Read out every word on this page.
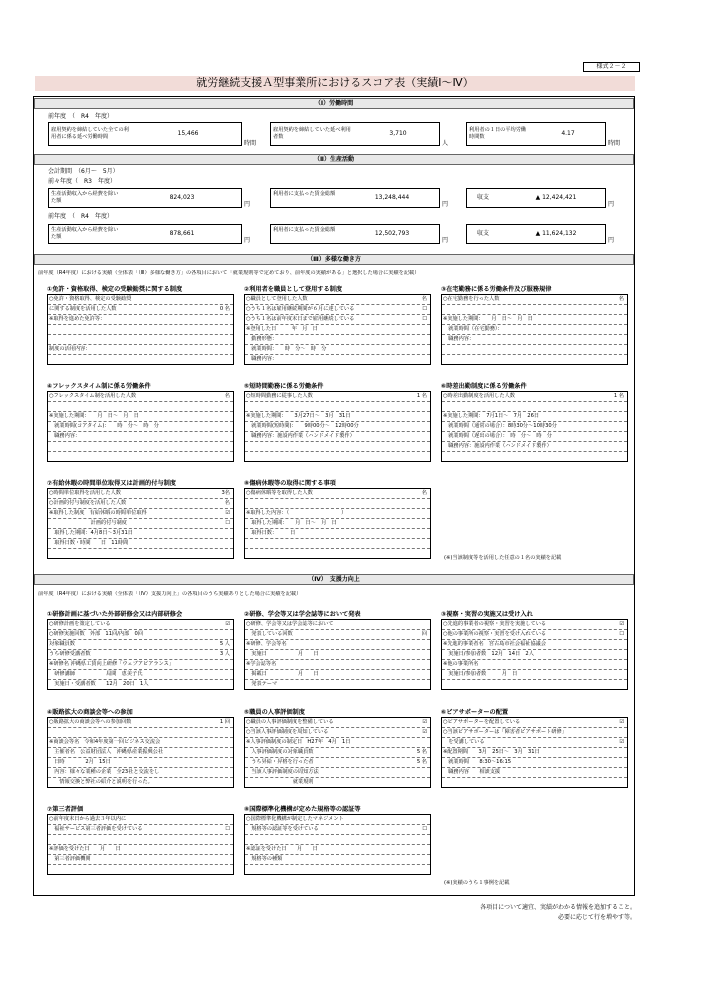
様式２－２
就労継続支援Ａ型事業所におけるスコア表（実績Ⅰ～Ⅳ）
（Ⅰ）労働時間
前年度　（　R4　年度）
雇用契約を締結していた全ての利用者に係る延べ労働時間	15,466
時間
雇用契約を締結していた延べ利用者数	3,710
人
利用者の１日の平均労働時間数	4.17
時間
（Ⅱ）生産活動
会計期間　（6月～　5月）
前々年度（　R3　年度）
生産活動収入から経費を除いた額	824,023
円
利用者に支払った賃金総額	13,248,444
円
収支	▲ 12,424,421
円
前年度　（　R4　年度）
生産活動収入から経費を除いた額	878,661
円
利用者に支払った賃金総額	12,502,793
円
収支	▲ 11,624,132
円
（Ⅲ）多様な働き方
前年度（R4年度）における実績（全体表「（Ⅲ）多様な働き方」の各項目において「就業規則等で定めており、前年度の実績がある」と選択した場合に実績を記載）
①免許・資格取得、検定の受験勧奨に関する制度
○免許・資格取得、検定の受験勧奨
に関する制度を活用した人数	0 名
※取得を進めた免許等：
制度の活用内容：
②利用者を職員として登用する制度
○職員として登用した人数	名
○うち１名は雇用継続期間が６月に達している	☐
○うち１名は前年度末日まで雇用継続している	☐
※登用した日　　　年　月　日
　勤務形態：
　就業時間：　　時　分～　時　分
　職務内容：
③在宅勤務に係る労働条件及び服務規律
○在宅勤務を行った人数	名
※実施した期間：　　月　日～　月　日
　就業時間（在宅勤務）：
　職務内容：
④フレックスタイム制に係る労働条件
○フレックスタイム制を活用した人数	名
※実施した期間：　　月　日～　月　日
　就業時間(コアタイム)：　　時　分～　時　分
　職務内容：
⑤短時間勤務に係る労働条件
○短時間勤務に従事した人数	1 名
※実施した期間：　　3月27日～　3月　31日
　就業時間(短時間)：　　9時00分～　12時00分
　職務内容：施設内作業（ハンドメイド製作）
⑥時差出勤制度に係る労働条件
○時差出勤制度を活用した人数	1 名
※実施した期間：　7月1日～　7月　26日
　就業時間（通常の場合）：8時30分～10時30分
　就業時間（遅出の場合）：　時　分～　時　分
　職務内容：施設内作業（ハンドメイド製作）
⑦有給休暇の時間単位取得又は計画的付与制度
○時間単位取得を活用した人数	3名
○計画的付与制度を活用した人数	名
※取得した制度　有給休暇の時間単位取得	☑
　　　　　　　　計画的付与制度	☐
　取得した期間：4月8日～3月31日
　取得日数・時間　　日　11時間
⑧傷病休暇等の取得に関する事項
○傷病休暇等を取得した人数	名
※取得した内容：（　　　　　　　　　　）
　取得した期間：　　月　日～　月　日
　取得日数：　　　日
(※)当該制度等を活用した任意の１名の実績を記載
（Ⅳ）　支援力向上
前年度（R4年度）における実績（全体表「（Ⅳ）支援力向上」の各項目のうち実績ありとした場合に実績を記載）
①研修計画に基づいた外部研修会又は内部研修会
○研修計画を策定している	☑
○研修実施回数　外部　11回/内部　0回
対象職員数	5 人
うち研修受講者数	3 人
※研修名 沖縄県工賃向上研修「ウェブアピアランス」
　研修講師　　　　　　局間　恵美子氏
　実施日・受講者数　　12月　20日　1人
②研修、学会等又は学会誌等において発表
○研修、学会等又は学会誌等において
　発表している回数	回
※研修、学会等名
　実施日　　　　　　月　　日
※学会誌等名
　掲載日　　　　　　月　　日
　発表テーマ
③視察・実習の実施又は受け入れ
○先進的事業者の視察・実習を実施している	☑
○他の事業所の視察・実習を受け入れている	☐
※先進的事業者名　宮古島市社会福祉協議会
　実施日/参加者数　12月　14日　2人
※他の事業所名
　実施日/参加者数　　　月　日
④販路拡大の商談会等への参加
○販路拡大の商談会等への参加回数	1 回
※商談会等名　令和4年度第一回ビジネス交流会
　主催者名　公益財団法人　沖縄県産業振興公社
　日時　　　　2月　15日
　内容：様々な業種の企業　全23社と交流をし
　　情報交換と弊社の紹介と説明を行った。
⑤職員の人事評価制度
○職員の人事評価制度を整備している	☑
○当該人事評価制度を周知している	☑
※人事評価制度の制定日　H27年　4月　1日
　人事評価制度の対象職員数	5 名
　うち昇給・昇格を行った者	5 名
　当該人事評価制度の周知方法
　　　　　　　　　就業規則
⑥ピアサポーターの配置
○ピアサポーターを配置している	☑
○当該ピアサポーターは「障害者ピアサポート研修」
　を受講している	☑
※配置期間　　3月　25日～　3月　31日
　就業時間　　8:30～16:15
　職務内容　　相談支援
⑦第三者評価
○前年度末日から過去３年以内に
　福祉サービス第三者評価を受けている	☐
※評価を受けた日　　月　　日
　第三者評価機関
⑧国際標準化機構が定めた規格等の認証等
○国際標準化機構が制定したマネジメント
　規格等の認証等を受けている	☐
※認証を受けた日　　月　　日
　規格等の種類
(※)実績のうち１事例を記載
各項目について適宜、実績がわかる情報を追加すること。
必要に応じて行を増やす等。
